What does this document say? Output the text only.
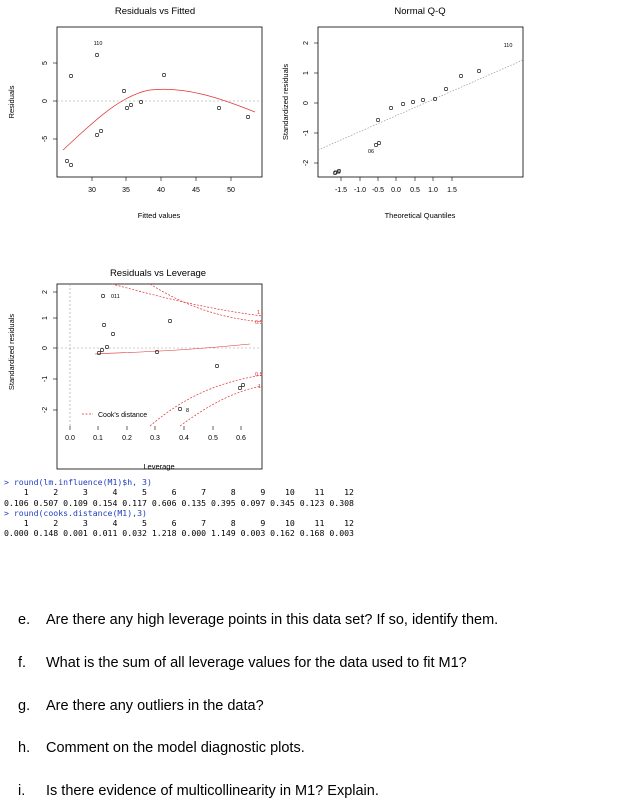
Residuals vs Fitted
30	35	40	45	50
-5
0
5
Fitted values
Residuals
110
Normal Q-Q
-1.5 -1.0 -0.5 0.0 0.5 1.0 1.5
-2
-1
0
1
2
Theoretical Quantiles
Standardized residuals
110
06
08
Residuals vs Leverage
1
0.5
0.5
1
0.0	0.1	0.2	0.3	0.4	0.5	0.6
-2
-1
0
1
2
Leverage
Standardized residuals
Cook's distance
011
8
> round(lm.influence(M1)$h, 3)
1     2     3     4     5     6     7     8     9    10    11    12
0.106 0.507 0.109 0.154 0.117 0.606 0.135 0.395 0.097 0.345 0.123 0.308
> round(cooks.distance(M1),3)
1     2     3     4     5     6     7     8     9    10    11    12
0.000 0.148 0.001 0.011 0.032 1.218 0.000 1.149 0.003 0.162 0.168 0.003
e. Are there any high leverage points in this data set? If so, identify them.
f. What is the sum of all leverage values for the data used to fit M1?
g. Are there any outliers in the data?
h. Comment on the model diagnostic plots.
i. Is there evidence of multicollinearity in M1? Explain.
